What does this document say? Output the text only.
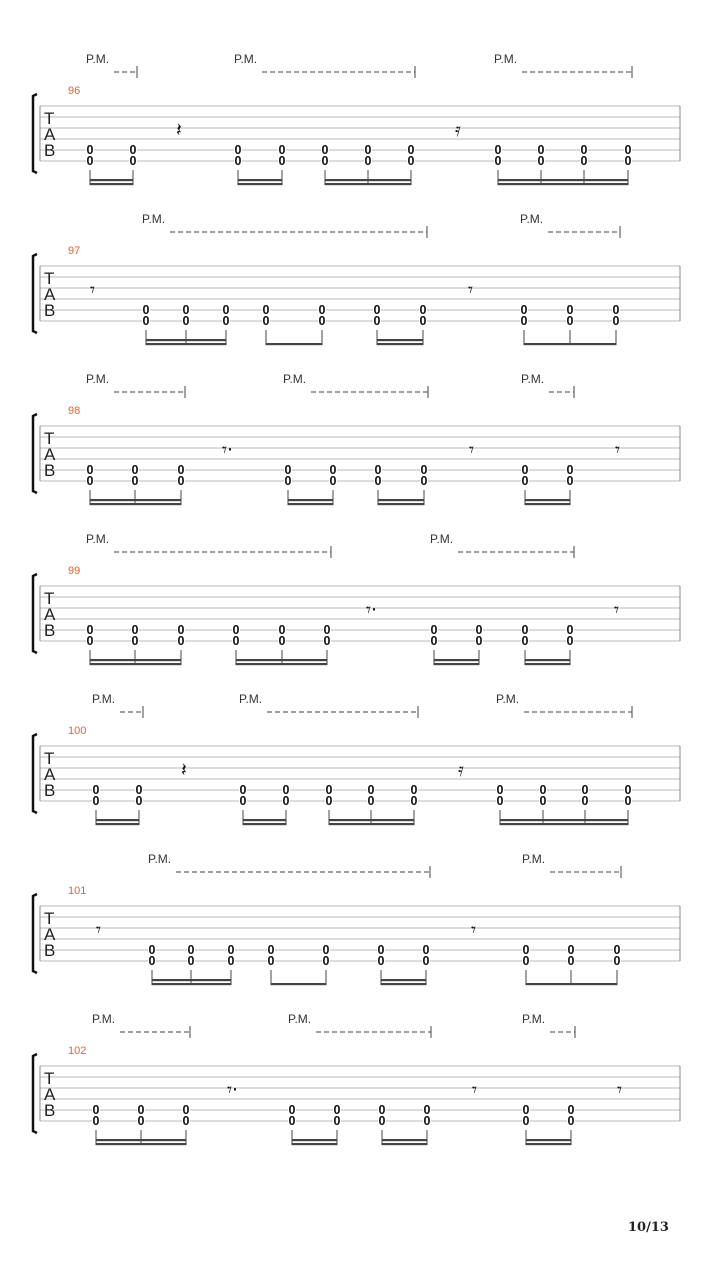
P.M.	P.M.	P.M.
96
T
A
B 0
0
0
0
0
0
0
0
0
0
0
0
0
0
0
0
0
0
0
0
0
0
𝄽	𝄿
P.M.	P.M.
97
T
A
B	0
0
0
0
0
0
0
0
0
0
0
0
0
0
0
0
0
0
0
0
𝄾	𝄾
P.M.	P.M.	P.M.
98
T
A
B 0
0
0
0
0
0
0
0
0
0
0
0
0
0
0
0
0
0
𝄾·	𝄾	𝄾
P.M.	P.M.
99
T
A
B 0
0
0
0
0
0
0
0
0
0
0
0
0
0
0
0
0
0
0
0
𝄾·	𝄾
P.M.	P.M.	P.M.
100
T
A
B	0
0
0
0
0
0
0
0
0
0
0
0
0
0
0
0
0
0
0
0
0
0
𝄽	𝄿
P.M.	P.M.
101
T
A
B	0
0
0
0
0
0
0
0
0
0
0
0
0
0
0
0
0
0
0
0
𝄾	𝄾
P.M.	P.M.	P.M.
102
T
A
B	0
0
0
0
0
0
0
0
0
0
0
0
0
0
0
0
0
0
𝄾·	𝄾	𝄾
10/13
